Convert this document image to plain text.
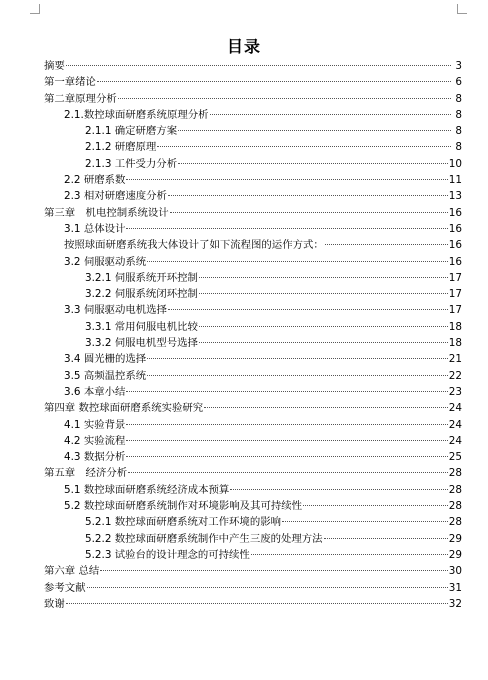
目录
摘要	3
第一章绪论	6
第二章原理分析	8
2.1.数控球面研磨系统原理分析	8
2.1.1 确定研磨方案	8
2.1.2 研磨原理	8
2.1.3 工件受力分析	10
2.2 研磨系数	11
2.3 相对研磨速度分析	13
第三章　机电控制系统设计	16
3.1 总体设计	16
按照球面研磨系统我大体设计了如下流程图的运作方式：	16
3.2 伺服驱动系统	16
3.2.1 伺服系统开环控制	17
3.2.2 伺服系统闭环控制	17
3.3 伺服驱动电机选择	17
3.3.1 常用伺服电机比较	18
3.3.2 伺服电机型号选择	18
3.4 圆光栅的选择	21
3.5 高频温控系统	22
3.6 本章小结	23
第四章 数控球面研磨系统实验研究	24
4.1 实验背景	24
4.2 实验流程	24
4.3 数据分析	25
第五章　经济分析	28
5.1 数控球面研磨系统经济成本预算	28
5.2 数控球面研磨系统制作对环境影响及其可持续性	28
5.2.1 数控球面研磨系统对工作环境的影响	28
5.2.2 数控球面研磨系统制作中产生三废的处理方法	29
5.2.3 试验台的设计理念的可持续性	29
第六章 总结	30
参考文献	31
致谢	32
